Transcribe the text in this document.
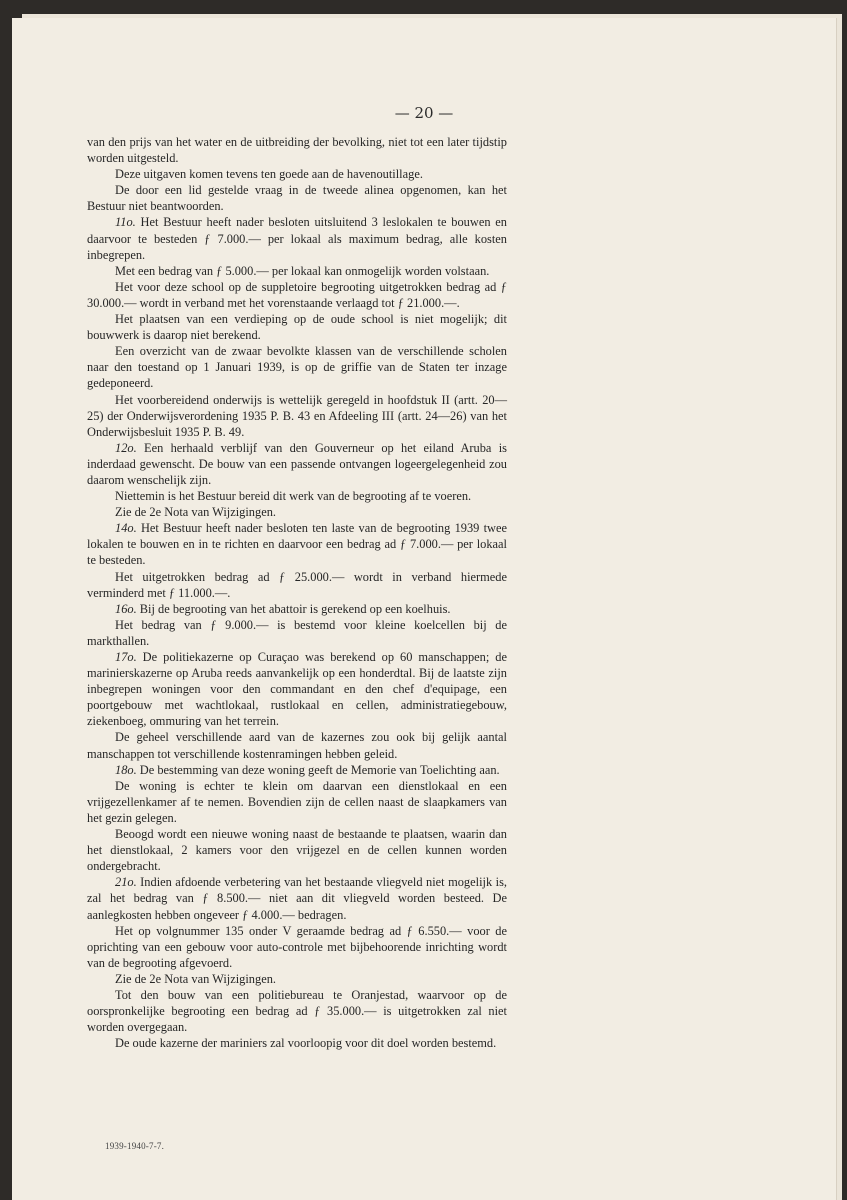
— 20 —

van den prijs van het water en de uitbreiding der bevolking, niet tot een later tijdstip worden uitgesteld.

Deze uitgaven komen tevens ten goede aan de havenoutillage.

De door een lid gestelde vraag in de tweede alinea opgenomen, kan het Bestuur niet beantwoorden.

11o. Het Bestuur heeft nader besloten uitsluitend 3 leslokalen te bouwen en daarvoor te besteden ƒ 7.000.— per lokaal als maximum bedrag, alle kosten inbegrepen.

Met een bedrag van ƒ 5.000.— per lokaal kan onmogelijk worden volstaan.

Het voor deze school op de suppletoire begrooting uitgetrokken bedrag ad ƒ 30.000.— wordt in verband met het vorenstaande verlaagd tot ƒ 21.000.—.

Het plaatsen van een verdieping op de oude school is niet mogelijk; dit bouwwerk is daarop niet berekend.

Een overzicht van de zwaar bevolkte klassen van de verschillende scholen naar den toestand op 1 Januari 1939, is op de griffie van de Staten ter inzage gedeponeerd.

Het voorbereidend onderwijs is wettelijk geregeld in hoofdstuk II (artt. 20—25) der Onderwijsverordening 1935 P. B. 43 en Afdeeling III (artt. 24—26) van het Onderwijsbesluit 1935 P. B. 49.

12o. Een herhaald verblijf van den Gouverneur op het eiland Aruba is inderdaad gewenscht. De bouw van een passende ontvangen logeergelegenheid zou daarom wenschelijk zijn.

Niettemin is het Bestuur bereid dit werk van de begrooting af te voeren.

Zie de 2e Nota van Wijzigingen.

14o. Het Bestuur heeft nader besloten ten laste van de begrooting 1939 twee lokalen te bouwen en in te richten en daarvoor een bedrag ad ƒ 7.000.— per lokaal te besteden.

Het uitgetrokken bedrag ad ƒ 25.000.— wordt in verband hiermede verminderd met ƒ 11.000.—.

16o. Bij de begrooting van het abattoir is gerekend op een koelhuis.

Het bedrag van ƒ 9.000.— is bestemd voor kleine koelcellen bij de markthallen.

17o. De politiekazerne op Curaçao was berekend op 60 manschappen; de marinierskazerne op Aruba reeds aanvankelijk op een honderdtal. Bij de laatste zijn inbegrepen woningen voor den commandant en den chef d'equipage, een poortgebouw met wachtlokaal, rustlokaal en cellen, administratiegebouw, ziekenboeg, ommuring van het terrein.

De geheel verschillende aard van de kazernes zou ook bij gelijk aantal manschappen tot verschillende kostenramingen hebben geleid.

18o. De bestemming van deze woning geeft de Memorie van Toelichting aan.

De woning is echter te klein om daarvan een dienstlokaal en een vrijgezellenkamer af te nemen. Bovendien zijn de cellen naast de slaapkamers van het gezin gelegen.

Beoogd wordt een nieuwe woning naast de bestaande te plaatsen, waarin dan het dienstlokaal, 2 kamers voor den vrijgezel en de cellen kunnen worden ondergebracht.

21o. Indien afdoende verbetering van het bestaande vliegveld niet mogelijk is, zal het bedrag van ƒ 8.500.— niet aan dit vliegveld worden besteed. De aanlegkosten hebben ongeveer ƒ 4.000.— bedragen.

Het op volgnummer 135 onder V geraamde bedrag ad ƒ 6.550.— voor de oprichting van een gebouw voor auto-controle met bijbehoorende inrichting wordt van de begrooting afgevoerd.

Zie de 2e Nota van Wijzigingen.

Tot den bouw van een politiebureau te Oranjestad, waarvoor op de oorspronkelijke begrooting een bedrag ad ƒ 35.000.— is uitgetrokken zal niet worden overgegaan.

De oude kazerne der mariniers zal voorloopig voor dit doel worden bestemd.

1939-1940-7-7.
